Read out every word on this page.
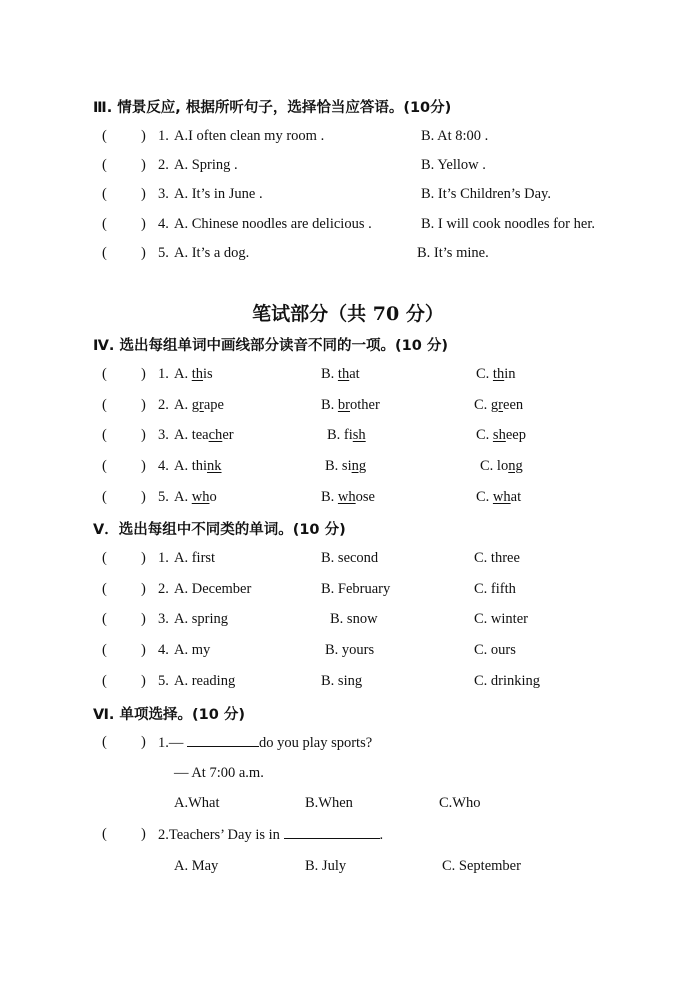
Ⅲ. 情景反应, 根据所听句子，选择恰当应答语。(10分)
( ) 1. A.I often clean my room .	B. At 8:00 .
( ) 2. A. Spring .	B. Yellow .
( ) 3. A. It’s in June .	B. It’s Children’s Day.
( ) 4. A. Chinese noodles are delicious .	B. I will cook noodles for her.
( ) 5. A. It’s a dog.	B. It’s mine.
笔试部分（共 70 分）
Ⅳ. 选出每组单词中画线部分读音不同的一项。(10 分)
( ) 1. A. this	B. that	C. thin
( ) 2. A. grape	B. brother	C. green
( ) 3. A. teacher	B. fish	C. sheep
( ) 4. A. think	B. sing	C. long
( ) 5. A. who	B. whose	C. what
Ⅴ．选出每组中不同类的单词。(10 分)
( ) 1. A. first	B. second	C. three
( ) 2. A. December	B. February	C. fifth
( ) 3. A. spring	B. snow	C. winter
( ) 4. A. my	B. yours	C. ours
( ) 5. A. reading	B. sing	C. drinking
Ⅵ. 单项选择。(10 分)
( ) 1.—	do you play sports?
— At 7:00 a.m.
A.What	B.When	C.Who
( ) 2.Teachers’ Day is in	.
A. May	B. July	C. September
